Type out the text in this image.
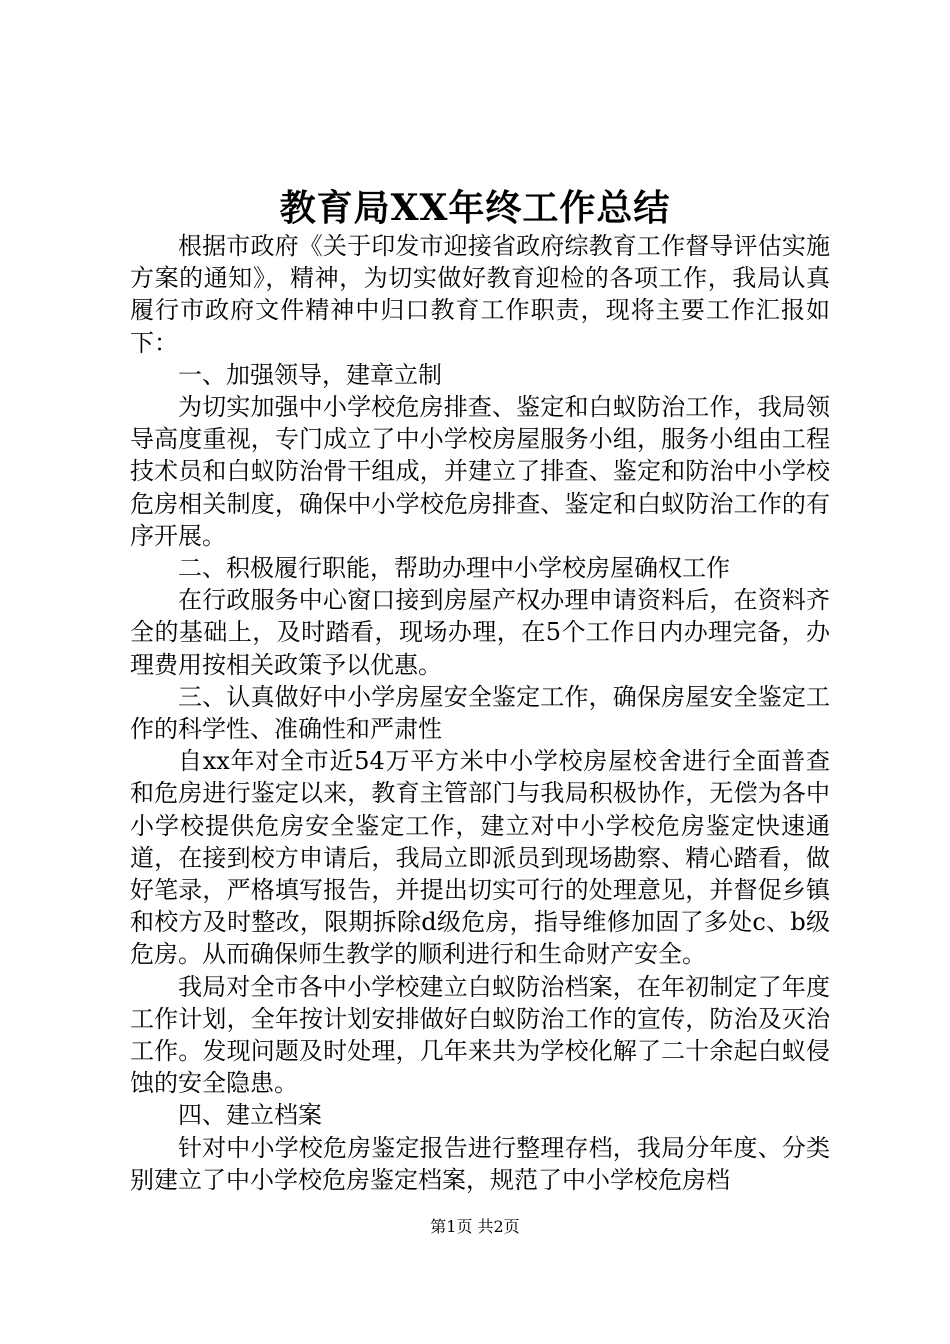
教育局XX年终工作总结

根据市政府《关于印发市迎接省政府综教育工作督导评估实施方案的通知》，精神，为切实做好教育迎检的各项工作，我局认真履行市政府文件精神中归口教育工作职责，现将主要工作汇报如下：

一、加强领导，建章立制

为切实加强中小学校危房排查、鉴定和白蚁防治工作，我局领导高度重视，专门成立了中小学校房屋服务小组，服务小组由工程技术员和白蚁防治骨干组成，并建立了排查、鉴定和防治中小学校危房相关制度，确保中小学校危房排查、鉴定和白蚁防治工作的有序开展。

二、积极履行职能，帮助办理中小学校房屋确权工作

在行政服务中心窗口接到房屋产权办理申请资料后，在资料齐全的基础上，及时踏看，现场办理，在5个工作日内办理完备，办理费用按相关政策予以优惠。

三、认真做好中小学房屋安全鉴定工作，确保房屋安全鉴定工作的科学性、准确性和严肃性

自xx年对全市近54万平方米中小学校房屋校舍进行全面普查和危房进行鉴定以来，教育主管部门与我局积极协作，无偿为各中小学校提供危房安全鉴定工作，建立对中小学校危房鉴定快速通道，在接到校方申请后，我局立即派员到现场勘察、精心踏看，做好笔录，严格填写报告，并提出切实可行的处理意见，并督促乡镇和校方及时整改，限期拆除d级危房，指导维修加固了多处c、b级危房。从而确保师生教学的顺利进行和生命财产安全。

我局对全市各中小学校建立白蚁防治档案，在年初制定了年度工作计划，全年按计划安排做好白蚁防治工作的宣传，防治及灭治工作。发现问题及时处理，几年来共为学校化解了二十余起白蚁侵蚀的安全隐患。

四、建立档案

针对中小学校危房鉴定报告进行整理存档，我局分年度、分类别建立了中小学校危房鉴定档案，规范了中小学校危房档

第1页 共2页
